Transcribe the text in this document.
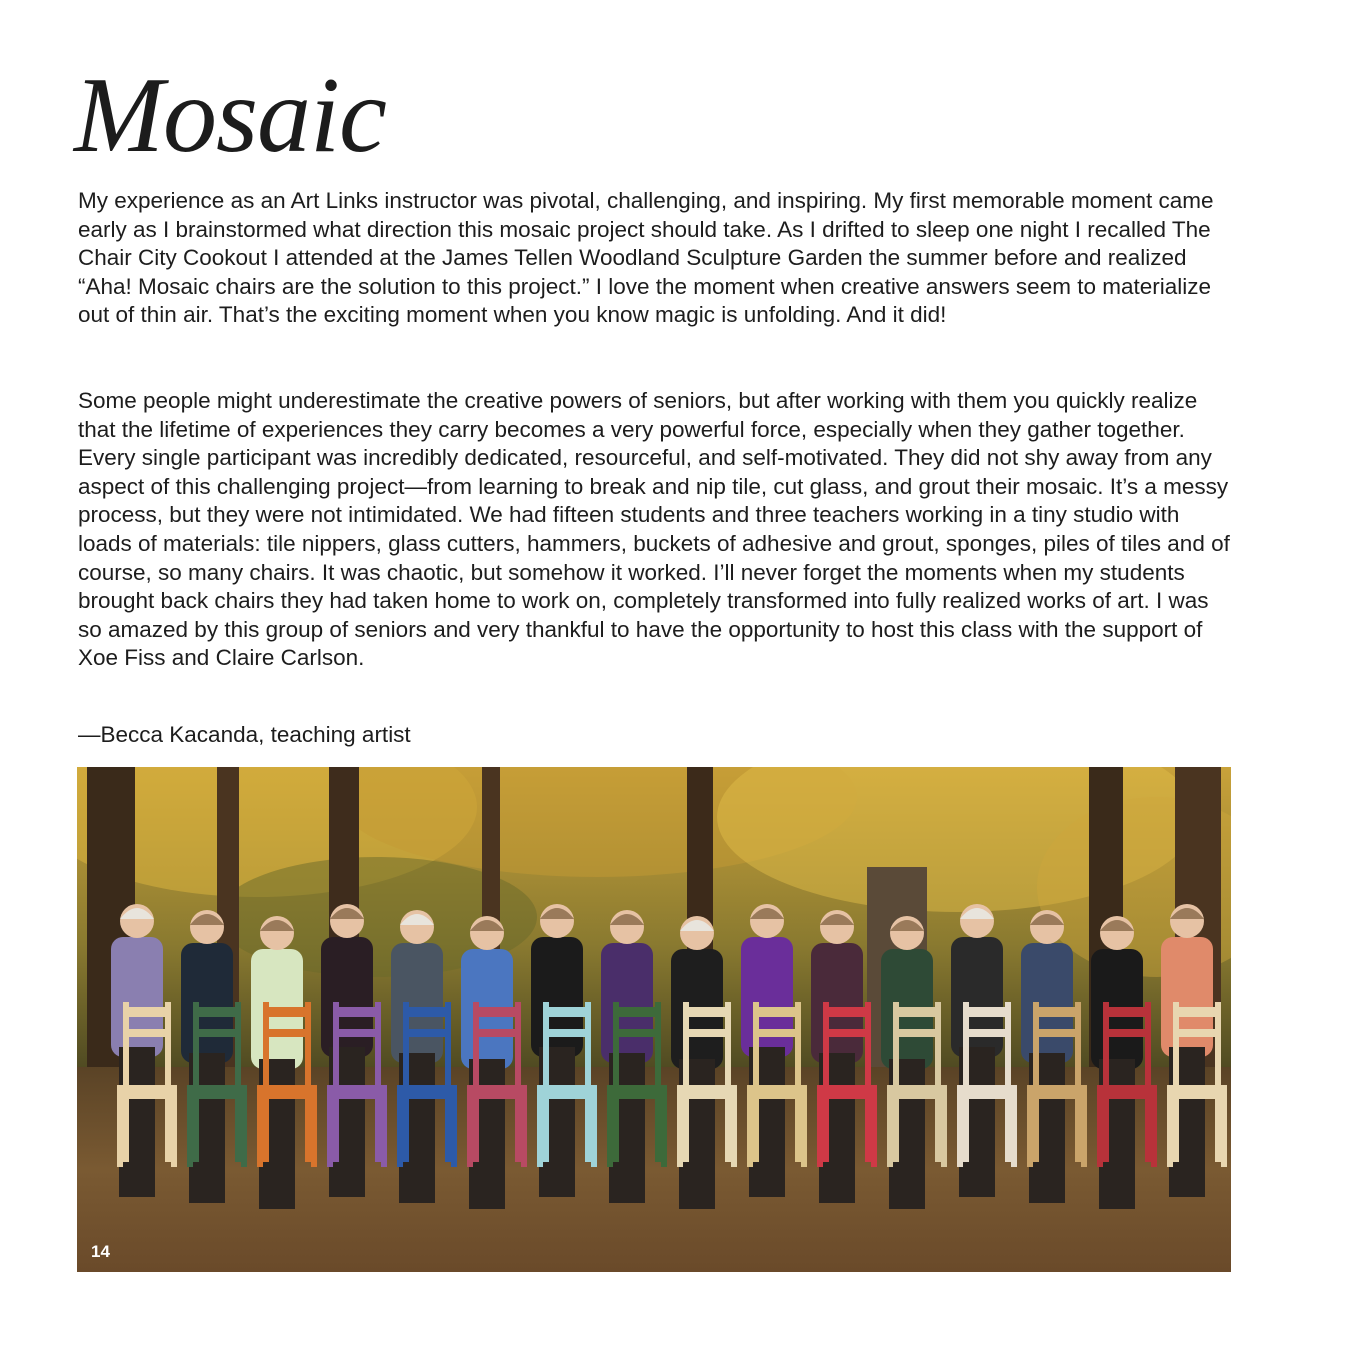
Mosaic

My experience as an Art Links instructor was pivotal, challenging, and inspiring. My first memorable moment came early as I brainstormed what direction this mosaic project should take. As I drifted to sleep one night I recalled The Chair City Cookout I attended at the James Tellen Woodland Sculpture Garden the summer before and realized “Aha! Mosaic chairs are the solution to this project.” I love the moment when creative answers seem to materialize out of thin air. That’s the exciting moment when you know magic is unfolding. And it did!

Some people might underestimate the creative powers of seniors, but after working with them you quickly realize that the lifetime of experiences they carry becomes a very powerful force, especially when they gather together. Every single participant was incredibly dedicated, resourceful, and self-motivated. They did not shy away from any aspect of this challenging project—from learning to break and nip tile, cut glass, and grout their mosaic. It’s a messy process, but they were not intimidated. We had fifteen students and three teachers working in a tiny studio with loads of materials: tile nippers, glass cutters, hammers, buckets of adhesive and grout, sponges, piles of tiles and of course, so many chairs. It was chaotic, but somehow it worked. I’ll never forget the moments when my students brought back chairs they had taken home to work on, completely transformed into fully realized works of art. I was so amazed by this group of seniors and very thankful to have the opportunity to host this class with the support of Xoe Fiss and Claire Carlson.

—Becca Kacanda, teaching artist

14
